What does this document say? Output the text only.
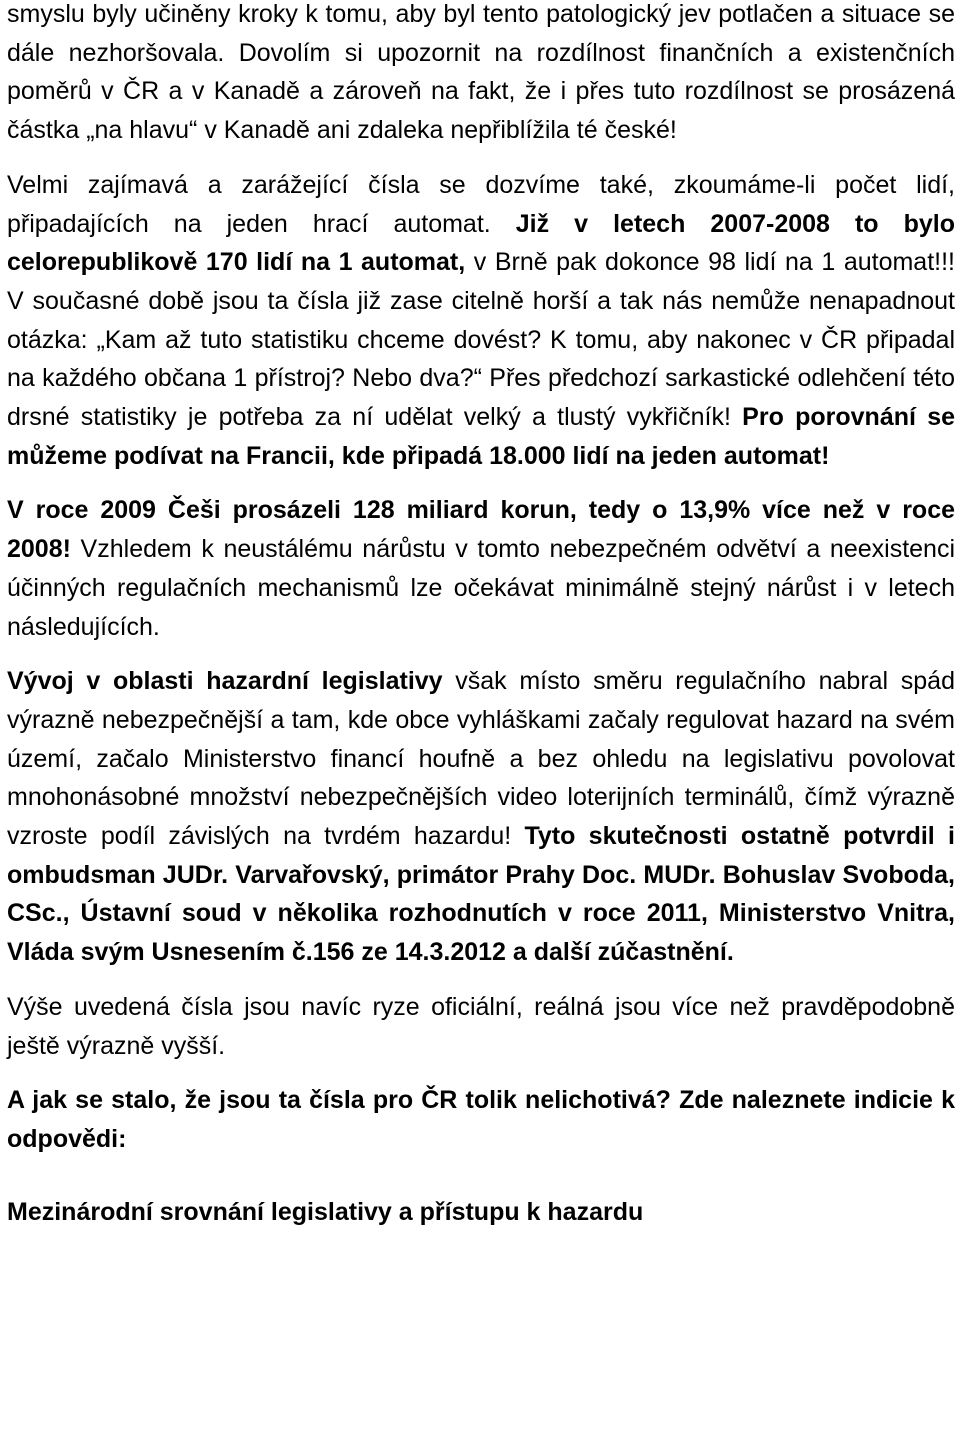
smyslu byly učiněny kroky k tomu, aby byl tento patologický jev potlačen a situace se dále nezhoršovala. Dovolím si upozornit na rozdílnost finančních a existenčních poměrů v ČR a v Kanadě a zároveň na fakt, že i přes tuto rozdílnost se prosázená částka „na hlavu“ v Kanadě ani zdaleka nepřiblížila té české!

Velmi zajímavá a zarážející čísla se dozvíme také, zkoumáme-li počet lidí, připadajících na jeden hrací automat. Již v letech 2007-2008 to bylo celorepublikově 170 lidí na 1 automat, v Brně pak dokonce 98 lidí na 1 automat!!! V současné době jsou ta čísla již zase citelně horší a tak nás nemůže nenapadnout otázka: „Kam až tuto statistiku chceme dovést? K tomu, aby nakonec v ČR připadal na každého občana 1 přístroj? Nebo dva?“ Přes předchozí sarkastické odlehčení této drsné statistiky je potřeba za ní udělat velký a tlustý vykřičník! Pro porovnání se můžeme podívat na Francii, kde připadá 18.000 lidí na jeden automat!

V roce 2009 Češi prosázeli 128 miliard korun, tedy o 13,9% více než v roce 2008! Vzhledem k neustálému nárůstu v tomto nebezpečném odvětví a neexistenci účinných regulačních mechanismů lze očekávat minimálně stejný nárůst i v letech následujících.

Vývoj v oblasti hazardní legislativy však místo směru regulačního nabral spád výrazně nebezpečnější a tam, kde obce vyhláškami začaly regulovat hazard na svém území, začalo Ministerstvo financí houfně a bez ohledu na legislativu povolovat mnohonásobné množství nebezpečnějších video loterijních terminálů, čímž výrazně vzroste podíl závislých na tvrdém hazardu! Tyto skutečnosti ostatně potvrdil i ombudsman JUDr. Varvařovský, primátor Prahy Doc. MUDr. Bohuslav Svoboda, CSc., Ústavní soud v několika rozhodnutích v roce 2011, Ministerstvo Vnitra, Vláda svým Usnesením č.156 ze 14.3.2012 a další zúčastnění.

Výše uvedená čísla jsou navíc ryze oficiální, reálná jsou více než pravděpodobně ještě výrazně vyšší.

A jak se stalo, že jsou ta čísla pro ČR tolik nelichotivá? Zde naleznete indicie k odpovědi:

Mezinárodní srovnání legislativy a přístupu k hazardu
